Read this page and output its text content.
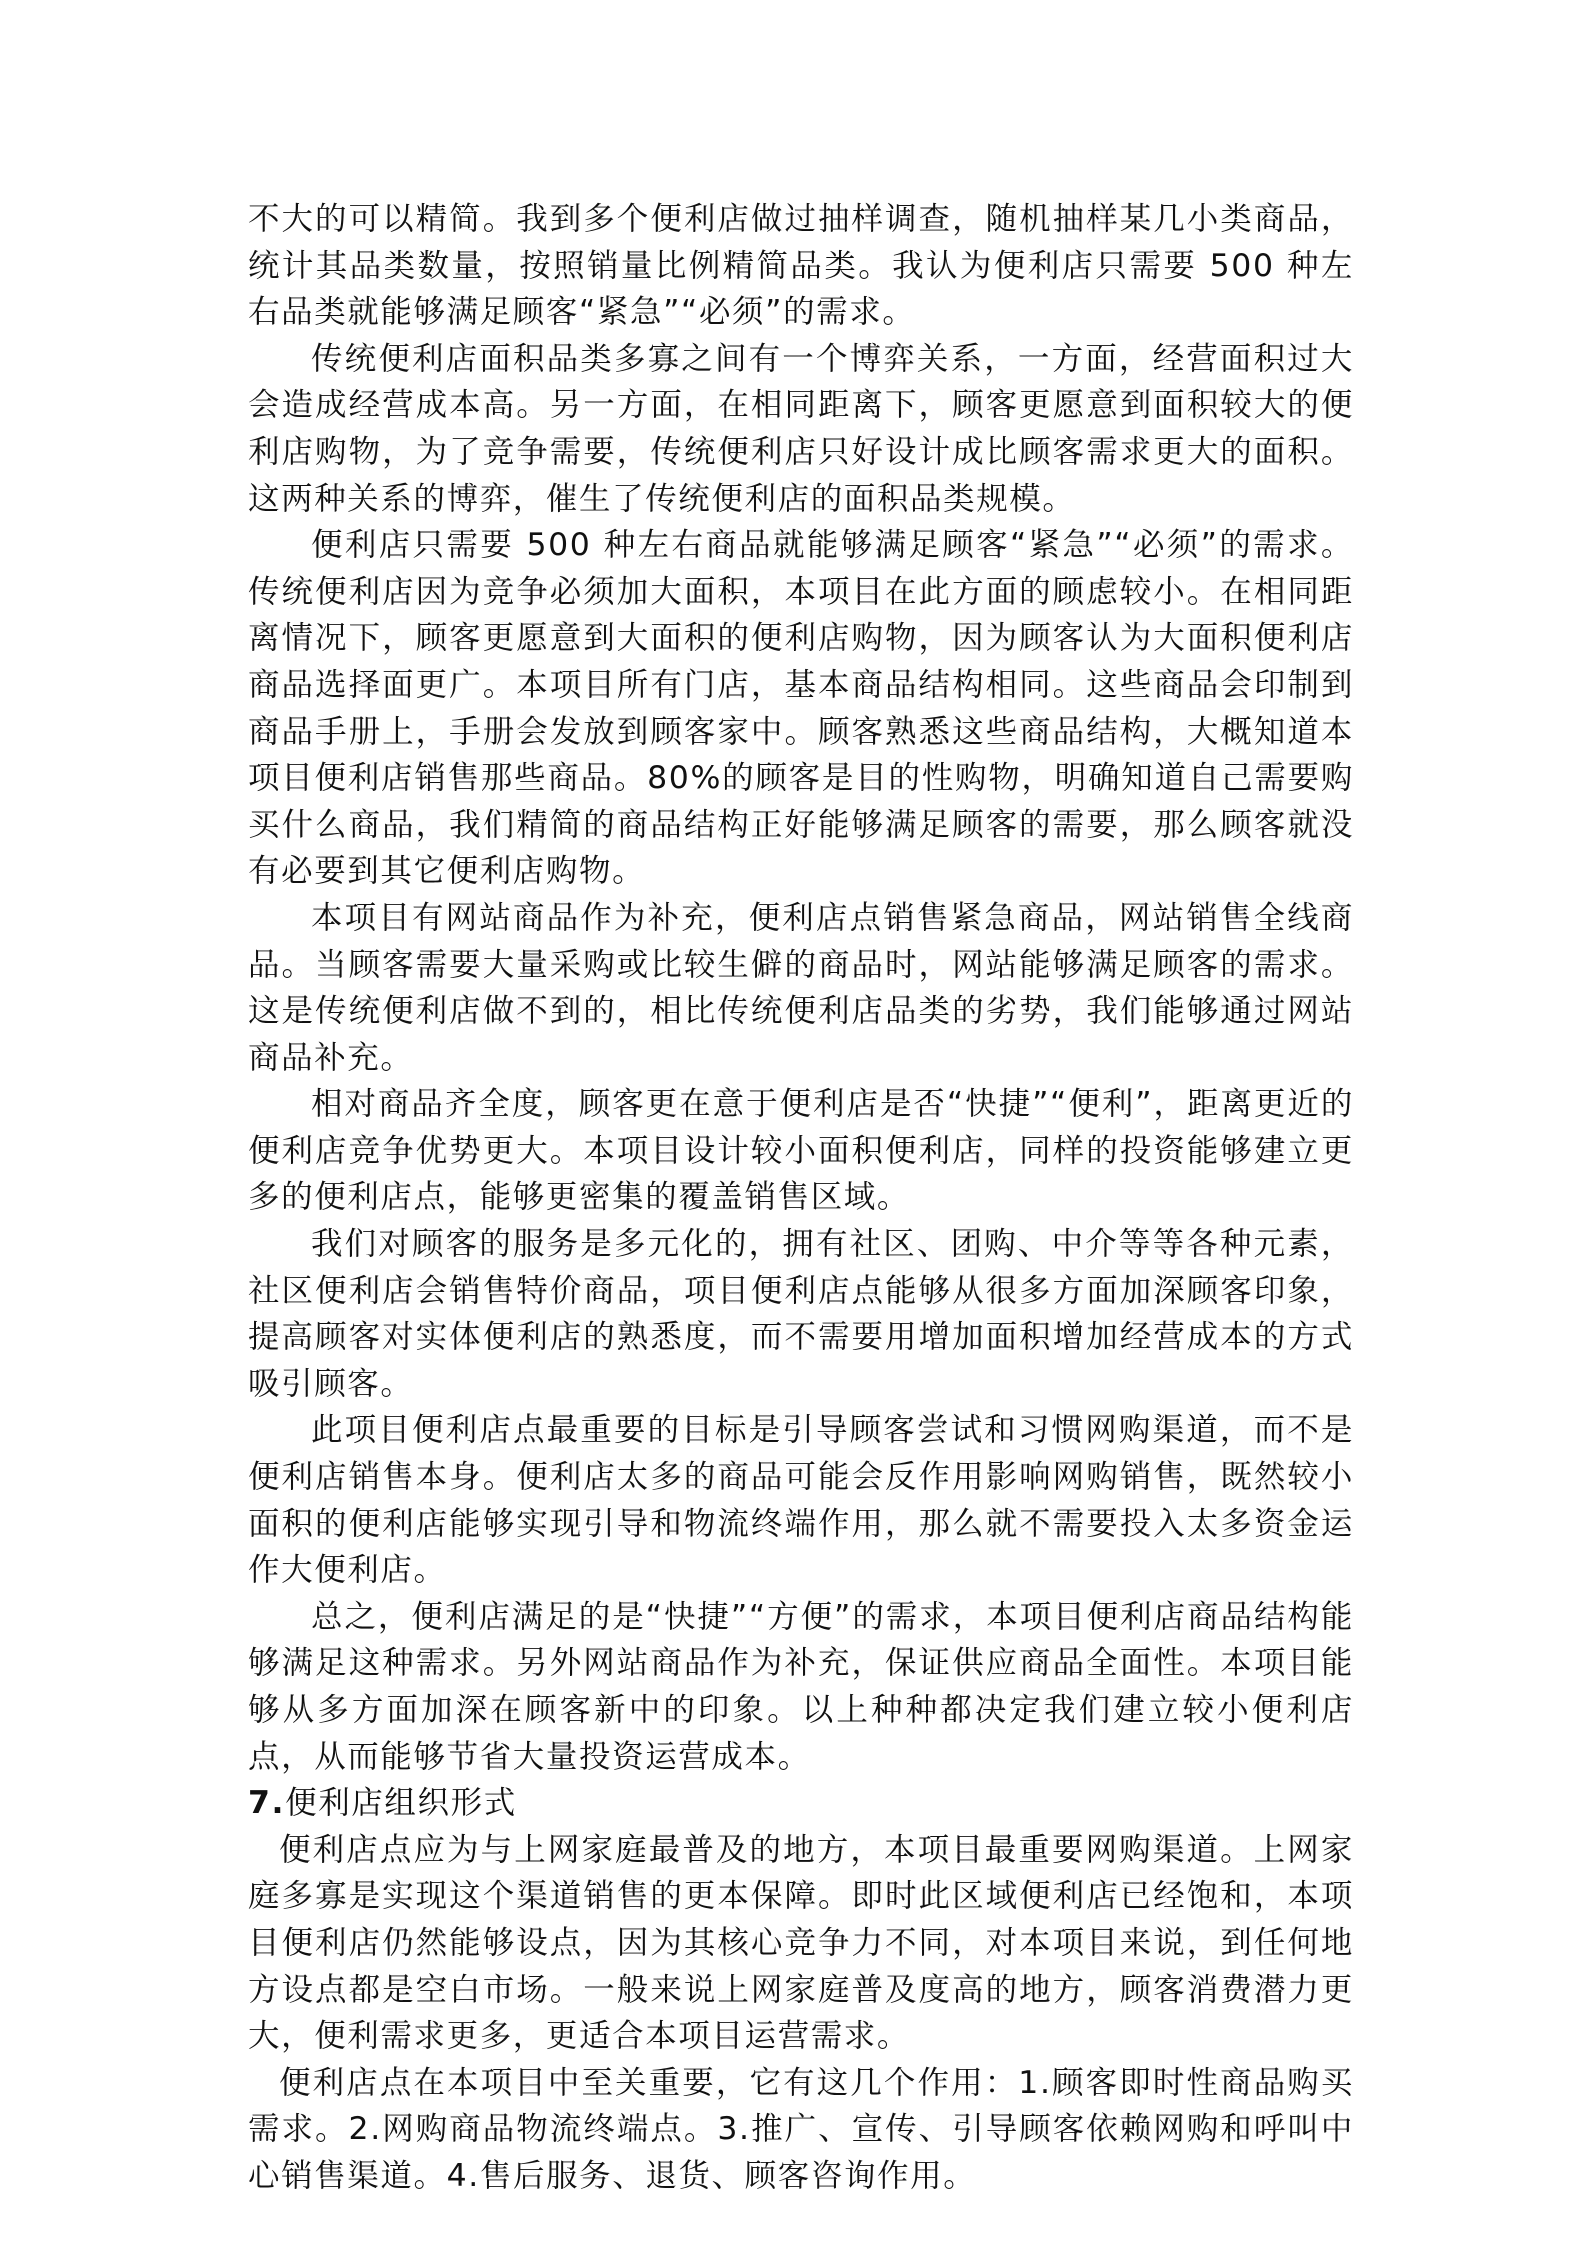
不大的可以精简。我到多个便利店做过抽样调查，随机抽样某几小类商品，统计其品类数量，按照销量比例精简品类。我认为便利店只需要 500 种左右品类就能够满足顾客“紧急”“必须”的需求。

传统便利店面积品类多寡之间有一个博弈关系，一方面，经营面积过大会造成经营成本高。另一方面，在相同距离下，顾客更愿意到面积较大的便利店购物，为了竞争需要，传统便利店只好设计成比顾客需求更大的面积。这两种关系的博弈，催生了传统便利店的面积品类规模。

便利店只需要 500 种左右商品就能够满足顾客“紧急”“必须”的需求。传统便利店因为竞争必须加大面积，本项目在此方面的顾虑较小。在相同距离情况下，顾客更愿意到大面积的便利店购物，因为顾客认为大面积便利店商品选择面更广。本项目所有门店，基本商品结构相同。这些商品会印制到商品手册上，手册会发放到顾客家中。顾客熟悉这些商品结构，大概知道本项目便利店销售那些商品。80%的顾客是目的性购物，明确知道自己需要购买什么商品，我们精简的商品结构正好能够满足顾客的需要，那么顾客就没有必要到其它便利店购物。

本项目有网站商品作为补充，便利店点销售紧急商品，网站销售全线商品。当顾客需要大量采购或比较生僻的商品时，网站能够满足顾客的需求。这是传统便利店做不到的，相比传统便利店品类的劣势，我们能够通过网站商品补充。

相对商品齐全度，顾客更在意于便利店是否“快捷”“便利”，距离更近的便利店竞争优势更大。本项目设计较小面积便利店，同样的投资能够建立更多的便利店点，能够更密集的覆盖销售区域。

我们对顾客的服务是多元化的，拥有社区、团购、中介等等各种元素，社区便利店会销售特价商品，项目便利店点能够从很多方面加深顾客印象，提高顾客对实体便利店的熟悉度，而不需要用增加面积增加经营成本的方式吸引顾客。

此项目便利店点最重要的目标是引导顾客尝试和习惯网购渠道，而不是便利店销售本身。便利店太多的商品可能会反作用影响网购销售，既然较小面积的便利店能够实现引导和物流终端作用，那么就不需要投入太多资金运作大便利店。

总之，便利店满足的是“快捷”“方便”的需求，本项目便利店商品结构能够满足这种需求。另外网站商品作为补充，保证供应商品全面性。本项目能够从多方面加深在顾客新中的印象。以上种种都决定我们建立较小便利店点，从而能够节省大量投资运营成本。

7.便利店组织形式

便利店点应为与上网家庭最普及的地方，本项目最重要网购渠道。上网家庭多寡是实现这个渠道销售的更本保障。即时此区域便利店已经饱和，本项目便利店仍然能够设点，因为其核心竞争力不同，对本项目来说，到任何地方设点都是空白市场。一般来说上网家庭普及度高的地方，顾客消费潜力更大，便利需求更多，更适合本项目运营需求。

便利店点在本项目中至关重要，它有这几个作用：1.顾客即时性商品购买需求。2.网购商品物流终端点。3.推广、宣传、引导顾客依赖网购和呼叫中心销售渠道。4.售后服务、退货、顾客咨询作用。
